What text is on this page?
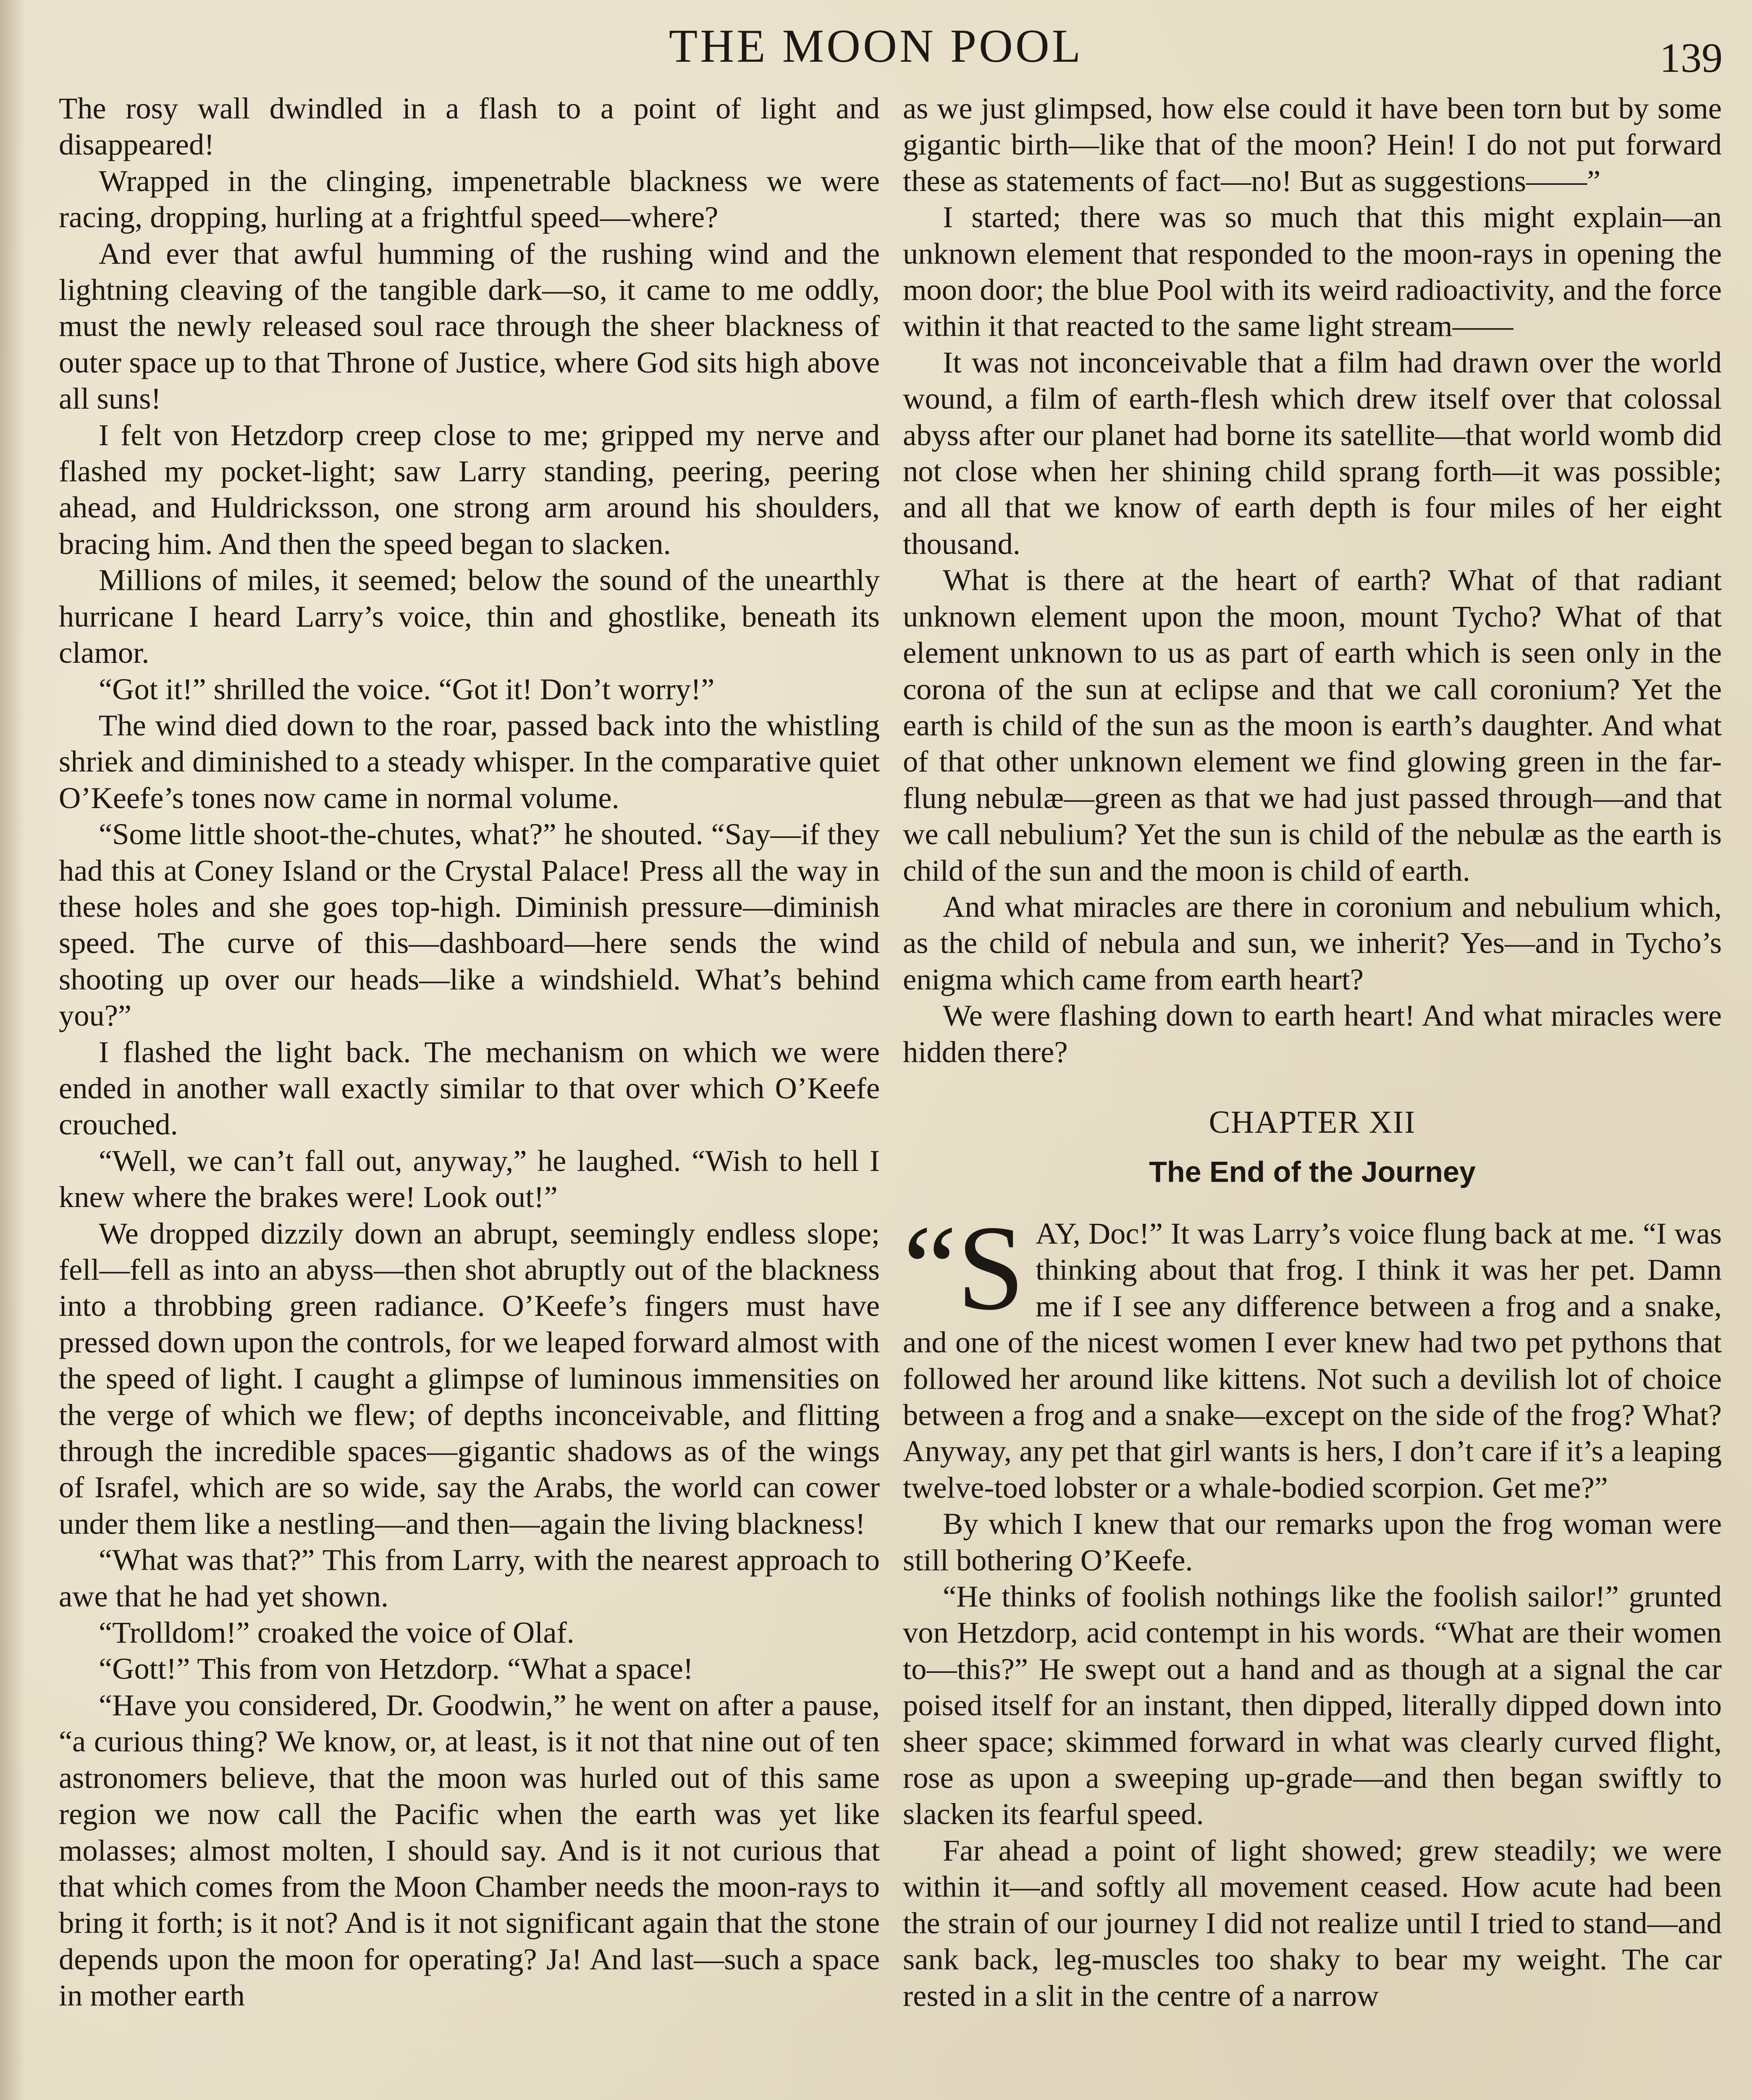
THE MOON POOL	139

The rosy wall dwindled in a flash to a point of light and disappeared!

Wrapped in the clinging, impenetrable blackness we were racing, dropping, hurling at a frightful speed—where?

And ever that awful humming of the rushing wind and the lightning cleaving of the tangible dark—so, it came to me oddly, must the newly released soul race through the sheer blackness of outer space up to that Throne of Justice, where God sits high above all suns!

I felt von Hetzdorp creep close to me; gripped my nerve and flashed my pocket-light; saw Larry standing, peering, peering ahead, and Huldricksson, one strong arm around his shoulders, bracing him. And then the speed began to slacken.

Millions of miles, it seemed; below the sound of the unearthly hurricane I heard Larry’s voice, thin and ghostlike, beneath its clamor.

“Got it!” shrilled the voice. “Got it! Don’t worry!”

The wind died down to the roar, passed back into the whistling shriek and diminished to a steady whisper. In the comparative quiet O’Keefe’s tones now came in normal volume.

“Some little shoot-the-chutes, what?” he shouted. “Say—if they had this at Coney Island or the Crystal Palace! Press all the way in these holes and she goes top-high. Diminish pressure—diminish speed. The curve of this—dashboard—here sends the wind shooting up over our heads—like a windshield. What’s behind you?”

I flashed the light back. The mechanism on which we were ended in another wall exactly similar to that over which O’Keefe crouched.

“Well, we can’t fall out, anyway,” he laughed. “Wish to hell I knew where the brakes were! Look out!”

We dropped dizzily down an abrupt, seemingly endless slope; fell—fell as into an abyss—then shot abruptly out of the blackness into a throbbing green radiance. O’Keefe’s fingers must have pressed down upon the controls, for we leaped forward almost with the speed of light. I caught a glimpse of luminous immensities on the verge of which we flew; of depths inconceivable, and flitting through the incredible spaces—gigantic shadows as of the wings of Israfel, which are so wide, say the Arabs, the world can cower under them like a nestling—and then—again the living blackness!

“What was that?” This from Larry, with the nearest approach to awe that he had yet shown.

“Trolldom!” croaked the voice of Olaf.

“Gott!” This from von Hetzdorp. “What a space!

“Have you considered, Dr. Goodwin,” he went on after a pause, “a curious thing? We know, or, at least, is it not that nine out of ten astronomers believe, that the moon was hurled out of this same region we now call the Pacific when the earth was yet like molasses; almost molten, I should say. And is it not curious that that which comes from the Moon Chamber needs the moon-rays to bring it forth; is it not? And is it not significant again that the stone depends upon the moon for operating? Ja! And last—such a space in mother earth

as we just glimpsed, how else could it have been torn but by some gigantic birth—like that of the moon? Hein! I do not put forward these as statements of fact—no! But as suggestions——”

I started; there was so much that this might explain—an unknown element that responded to the moon-rays in opening the moon door; the blue Pool with its weird radioactivity, and the force within it that reacted to the same light stream——

It was not inconceivable that a film had drawn over the world wound, a film of earth-flesh which drew itself over that colossal abyss after our planet had borne its satellite—that world womb did not close when her shining child sprang forth—it was possible; and all that we know of earth depth is four miles of her eight thousand.

What is there at the heart of earth? What of that radiant unknown element upon the moon, mount Tycho? What of that element unknown to us as part of earth which is seen only in the corona of the sun at eclipse and that we call coronium? Yet the earth is child of the sun as the moon is earth’s daughter. And what of that other unknown element we find glowing green in the far-flung nebulæ—green as that we had just passed through—and that we call nebulium? Yet the sun is child of the nebulæ as the earth is child of the sun and the moon is child of earth.

And what miracles are there in coronium and nebulium which, as the child of nebula and sun, we inherit? Yes—and in Tycho’s enigma which came from earth heart?

We were flashing down to earth heart! And what miracles were hidden there?

CHAPTER XII
The End of the Journey

“SAY, Doc!” It was Larry’s voice flung back at me. “I was thinking about that frog. I think it was her pet. Damn me if I see any difference between a frog and a snake, and one of the nicest women I ever knew had two pet pythons that followed her around like kittens. Not such a devilish lot of choice between a frog and a snake—except on the side of the frog? What? Anyway, any pet that girl wants is hers, I don’t care if it’s a leaping twelve-toed lobster or a whale-bodied scorpion. Get me?”

By which I knew that our remarks upon the frog woman were still bothering O’Keefe.

“He thinks of foolish nothings like the foolish sailor!” grunted von Hetzdorp, acid contempt in his words. “What are their women to—this?” He swept out a hand and as though at a signal the car poised itself for an instant, then dipped, literally dipped down into sheer space; skimmed forward in what was clearly curved flight, rose as upon a sweeping up-grade—and then began swiftly to slacken its fearful speed.

Far ahead a point of light showed; grew steadily; we were within it—and softly all movement ceased. How acute had been the strain of our journey I did not realize until I tried to stand—and sank back, leg-muscles too shaky to bear my weight. The car rested in a slit in the centre of a narrow
